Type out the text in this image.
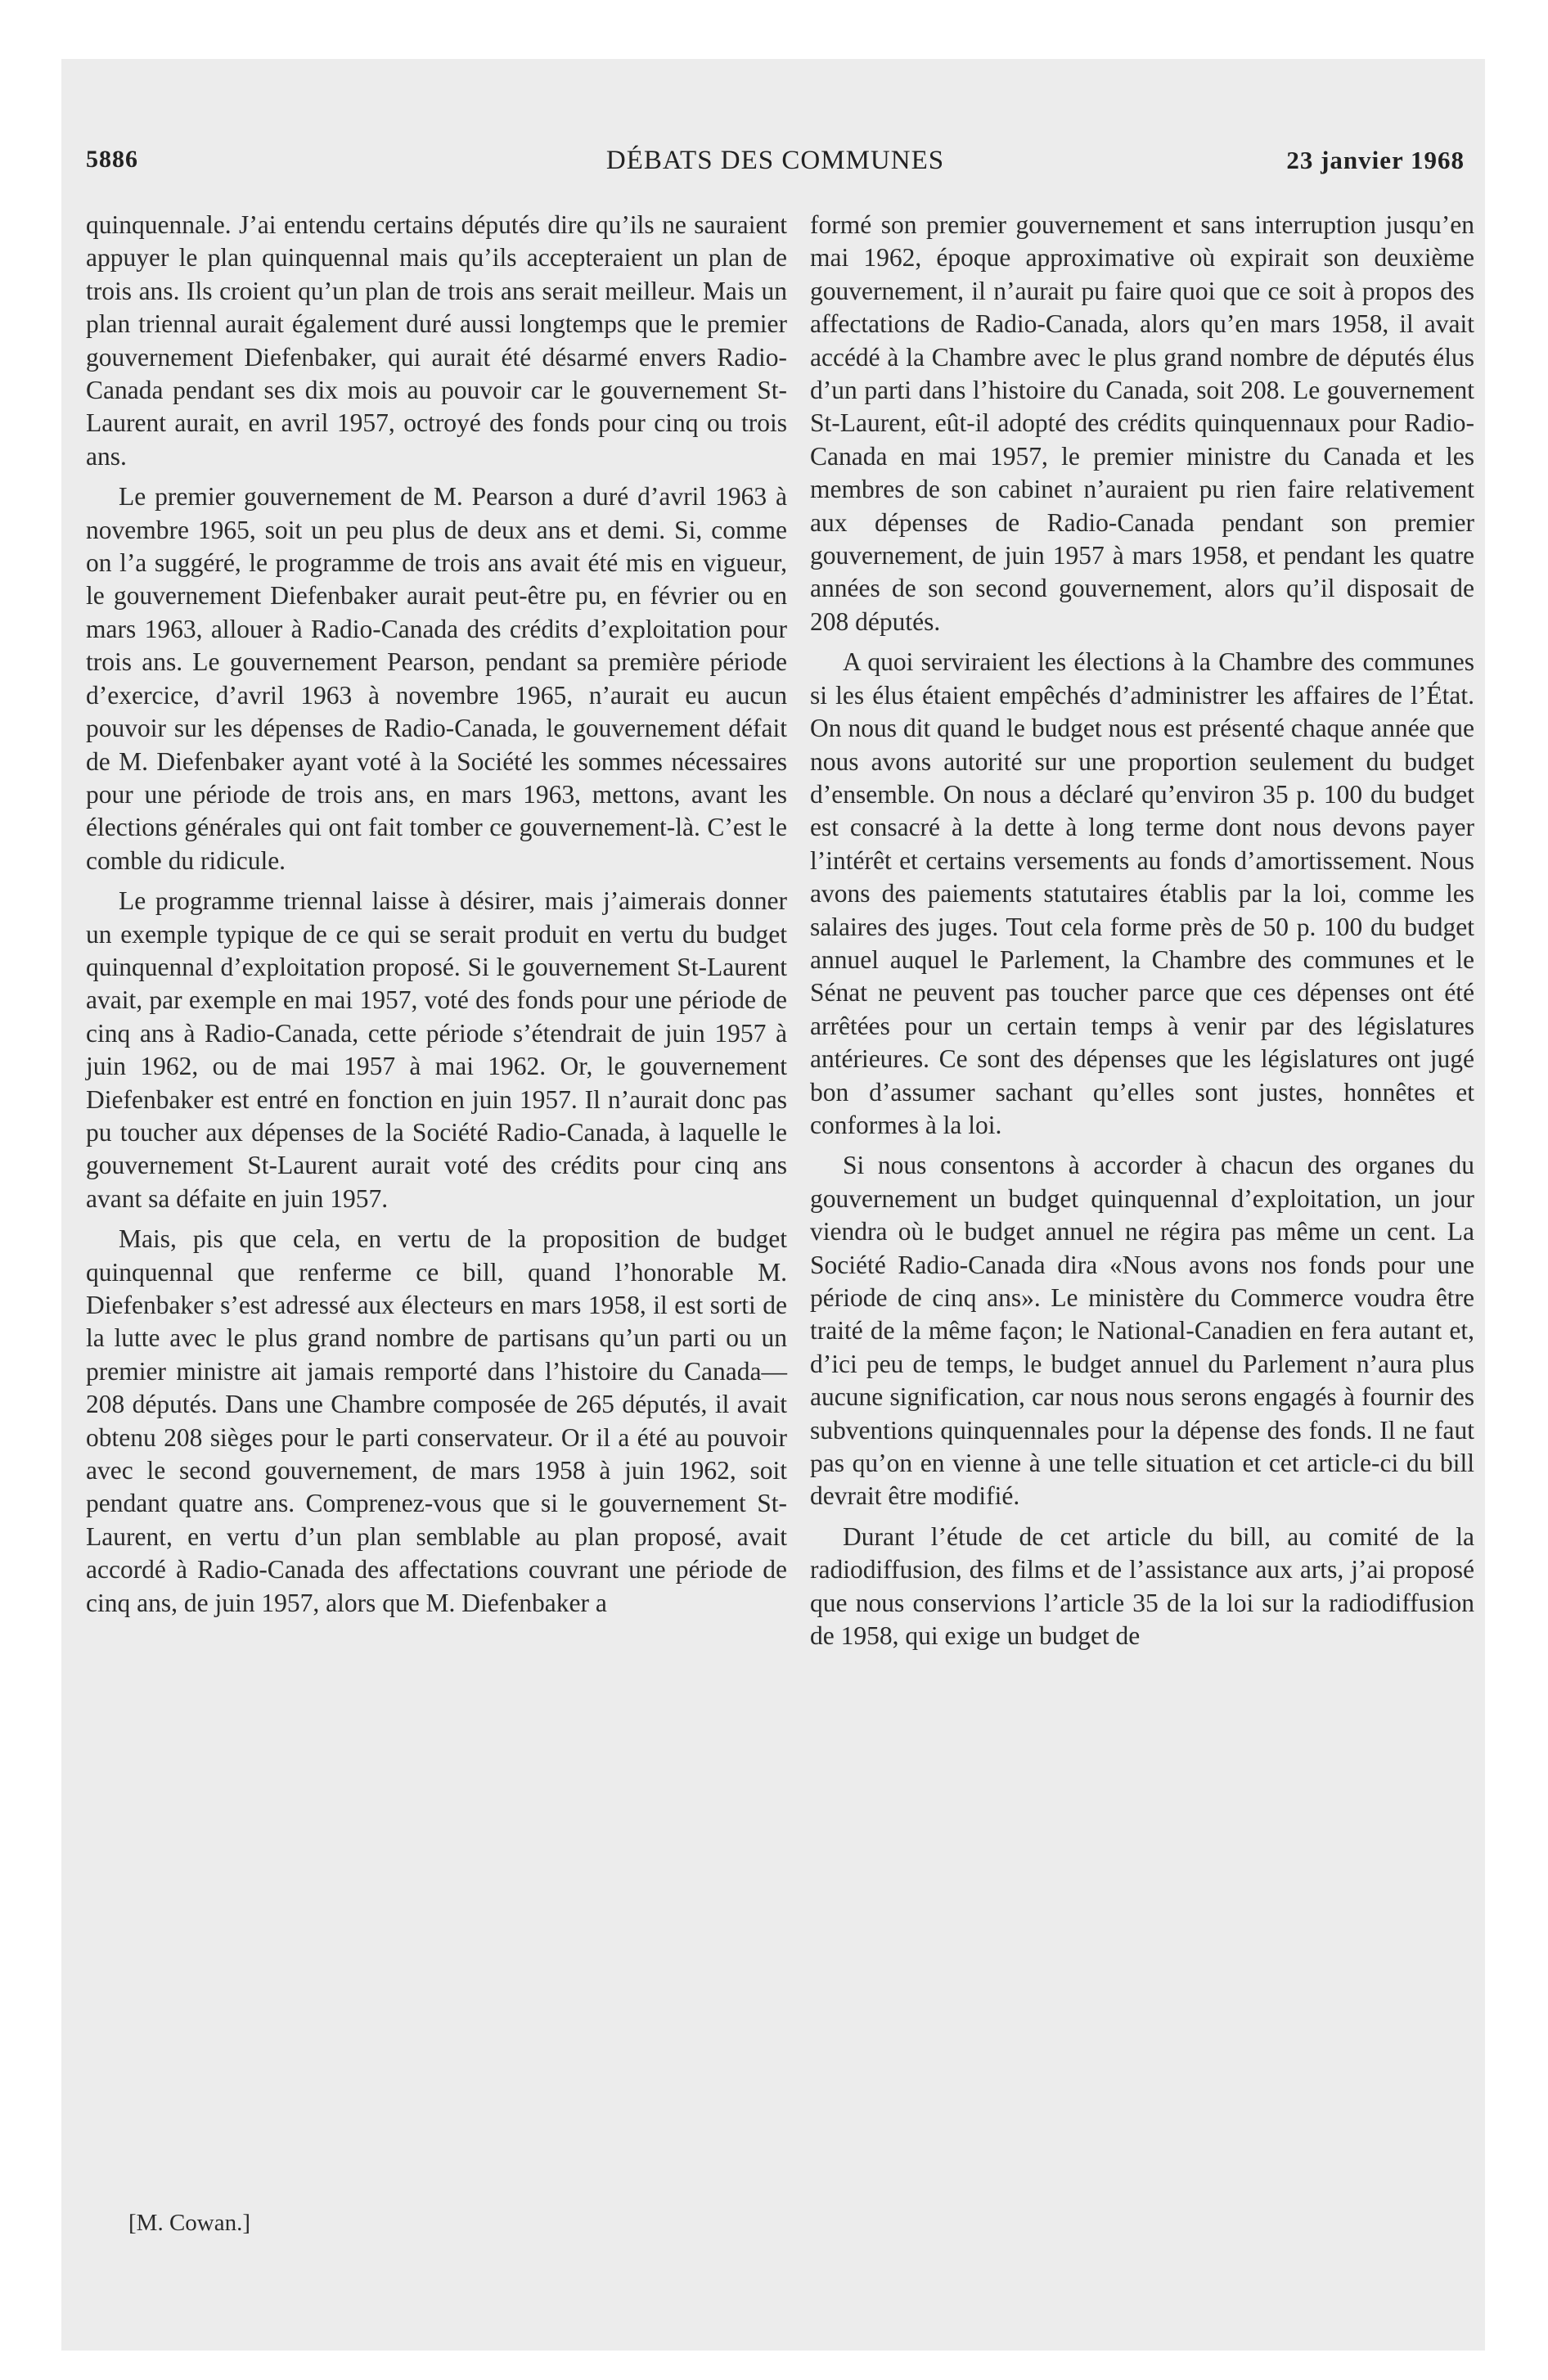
5886	DÉBATS DES COMMUNES	23 janvier 1968

quinquennale. J’ai entendu certains députés dire qu’ils ne sauraient appuyer le plan quinquennal mais qu’ils accepteraient un plan de trois ans. Ils croient qu’un plan de trois ans serait meilleur. Mais un plan triennal aurait également duré aussi longtemps que le premier gouvernement Diefenbaker, qui aurait été désarmé envers Radio-Canada pendant ses dix mois au pouvoir car le gouvernement St-Laurent aurait, en avril 1957, octroyé des fonds pour cinq ou trois ans.

Le premier gouvernement de M. Pearson a duré d’avril 1963 à novembre 1965, soit un peu plus de deux ans et demi. Si, comme on l’a suggéré, le programme de trois ans avait été mis en vigueur, le gouvernement Diefenbaker aurait peut-être pu, en février ou en mars 1963, allouer à Radio-Canada des crédits d’exploitation pour trois ans. Le gouvernement Pearson, pendant sa première période d’exercice, d’avril 1963 à novembre 1965, n’aurait eu aucun pouvoir sur les dépenses de Radio-Canada, le gouvernement défait de M. Diefenbaker ayant voté à la Société les sommes nécessaires pour une période de trois ans, en mars 1963, mettons, avant les élections générales qui ont fait tomber ce gouvernement-là. C’est le comble du ridicule.

Le programme triennal laisse à désirer, mais j’aimerais donner un exemple typique de ce qui se serait produit en vertu du budget quinquennal d’exploitation proposé. Si le gouvernement St-Laurent avait, par exemple en mai 1957, voté des fonds pour une période de cinq ans à Radio-Canada, cette période s’étendrait de juin 1957 à juin 1962, ou de mai 1957 à mai 1962. Or, le gouvernement Diefenbaker est entré en fonction en juin 1957. Il n’aurait donc pas pu toucher aux dépenses de la Société Radio-Canada, à laquelle le gouvernement St-Laurent aurait voté des crédits pour cinq ans avant sa défaite en juin 1957.

Mais, pis que cela, en vertu de la proposition de budget quinquennal que renferme ce bill, quand l’honorable M. Diefenbaker s’est adressé aux électeurs en mars 1958, il est sorti de la lutte avec le plus grand nombre de partisans qu’un parti ou un premier ministre ait jamais remporté dans l’histoire du Canada—208 députés. Dans une Chambre composée de 265 députés, il avait obtenu 208 sièges pour le parti conservateur. Or il a été au pouvoir avec le second gouvernement, de mars 1958 à juin 1962, soit pendant quatre ans. Comprenez-vous que si le gouvernement St-Laurent, en vertu d’un plan semblable au plan proposé, avait accordé à Radio-Canada des affectations couvrant une période de cinq ans, de juin 1957, alors que M. Diefenbaker a

formé son premier gouvernement et sans interruption jusqu’en mai 1962, époque approximative où expirait son deuxième gouvernement, il n’aurait pu faire quoi que ce soit à propos des affectations de Radio-Canada, alors qu’en mars 1958, il avait accédé à la Chambre avec le plus grand nombre de députés élus d’un parti dans l’histoire du Canada, soit 208. Le gouvernement St-Laurent, eût-il adopté des crédits quinquennaux pour Radio-Canada en mai 1957, le premier ministre du Canada et les membres de son cabinet n’auraient pu rien faire relativement aux dépenses de Radio-Canada pendant son premier gouvernement, de juin 1957 à mars 1958, et pendant les quatre années de son second gouvernement, alors qu’il disposait de 208 députés.

A quoi serviraient les élections à la Chambre des communes si les élus étaient empêchés d’administrer les affaires de l’État. On nous dit quand le budget nous est présenté chaque année que nous avons autorité sur une proportion seulement du budget d’ensemble. On nous a déclaré qu’environ 35 p. 100 du budget est consacré à la dette à long terme dont nous devons payer l’intérêt et certains versements au fonds d’amortissement. Nous avons des paiements statutaires établis par la loi, comme les salaires des juges. Tout cela forme près de 50 p. 100 du budget annuel auquel le Parlement, la Chambre des communes et le Sénat ne peuvent pas toucher parce que ces dépenses ont été arrêtées pour un certain temps à venir par des législatures antérieures. Ce sont des dépenses que les législatures ont jugé bon d’assumer sachant qu’elles sont justes, honnêtes et conformes à la loi.

Si nous consentons à accorder à chacun des organes du gouvernement un budget quinquennal d’exploitation, un jour viendra où le budget annuel ne régira pas même un cent. La Société Radio-Canada dira «Nous avons nos fonds pour une période de cinq ans». Le ministère du Commerce voudra être traité de la même façon; le National-Canadien en fera autant et, d’ici peu de temps, le budget annuel du Parlement n’aura plus aucune signification, car nous nous serons engagés à fournir des subventions quinquennales pour la dépense des fonds. Il ne faut pas qu’on en vienne à une telle situation et cet article-ci du bill devrait être modifié.

Durant l’étude de cet article du bill, au comité de la radiodiffusion, des films et de l’assistance aux arts, j’ai proposé que nous conservions l’article 35 de la loi sur la radiodiffusion de 1958, qui exige un budget de

[M. Cowan.]
